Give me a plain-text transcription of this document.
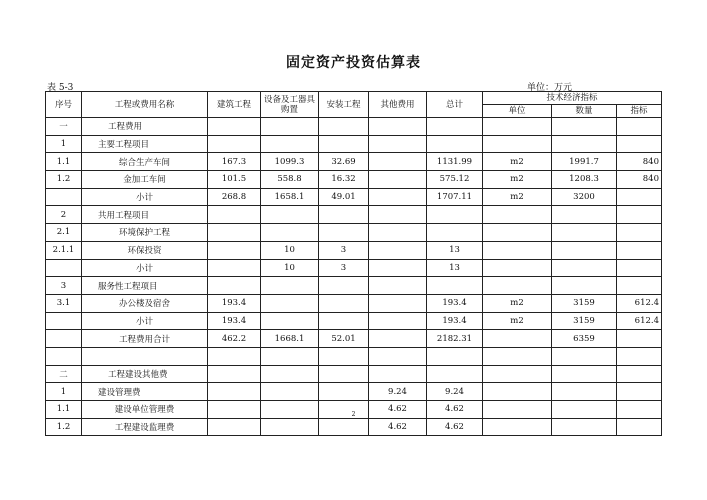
固定资产投资估算表
表 5-3	单位：万元
序号	工程或费用名称	建筑工程	设备及工器具购置	安装工程	其他费用	总计	技术经济指标		
							单位	数量	指标
一	工程费用								
1	主要工程项目								
1.1	综合生产车间	167.3	1099.3	32.69		1131.99	m2	1991.7	840
1.2	金加工车间	101.5	558.8	16.32		575.12	m2	1208.3	840
	小计	268.8	1658.1	49.01		1707.11	m2	3200	
2	共用工程项目								
2.1	环境保护工程								
2.1.1	环保投资		10	3		13			
	小计		10	3		13			
3	服务性工程项目								
3.1	办公楼及宿舍	193.4				193.4	m2	3159	612.4
	小计	193.4				193.4	m2	3159	612.4
	工程费用合计	462.2	1668.1	52.01		2182.31		6359	

二	工程建设其他费								
1	建设管理费				9.24	9.24			
1.1	建设单位管理费				4.62	4.62			
1.2	工程建设监理费				4.62	4.62			
2
